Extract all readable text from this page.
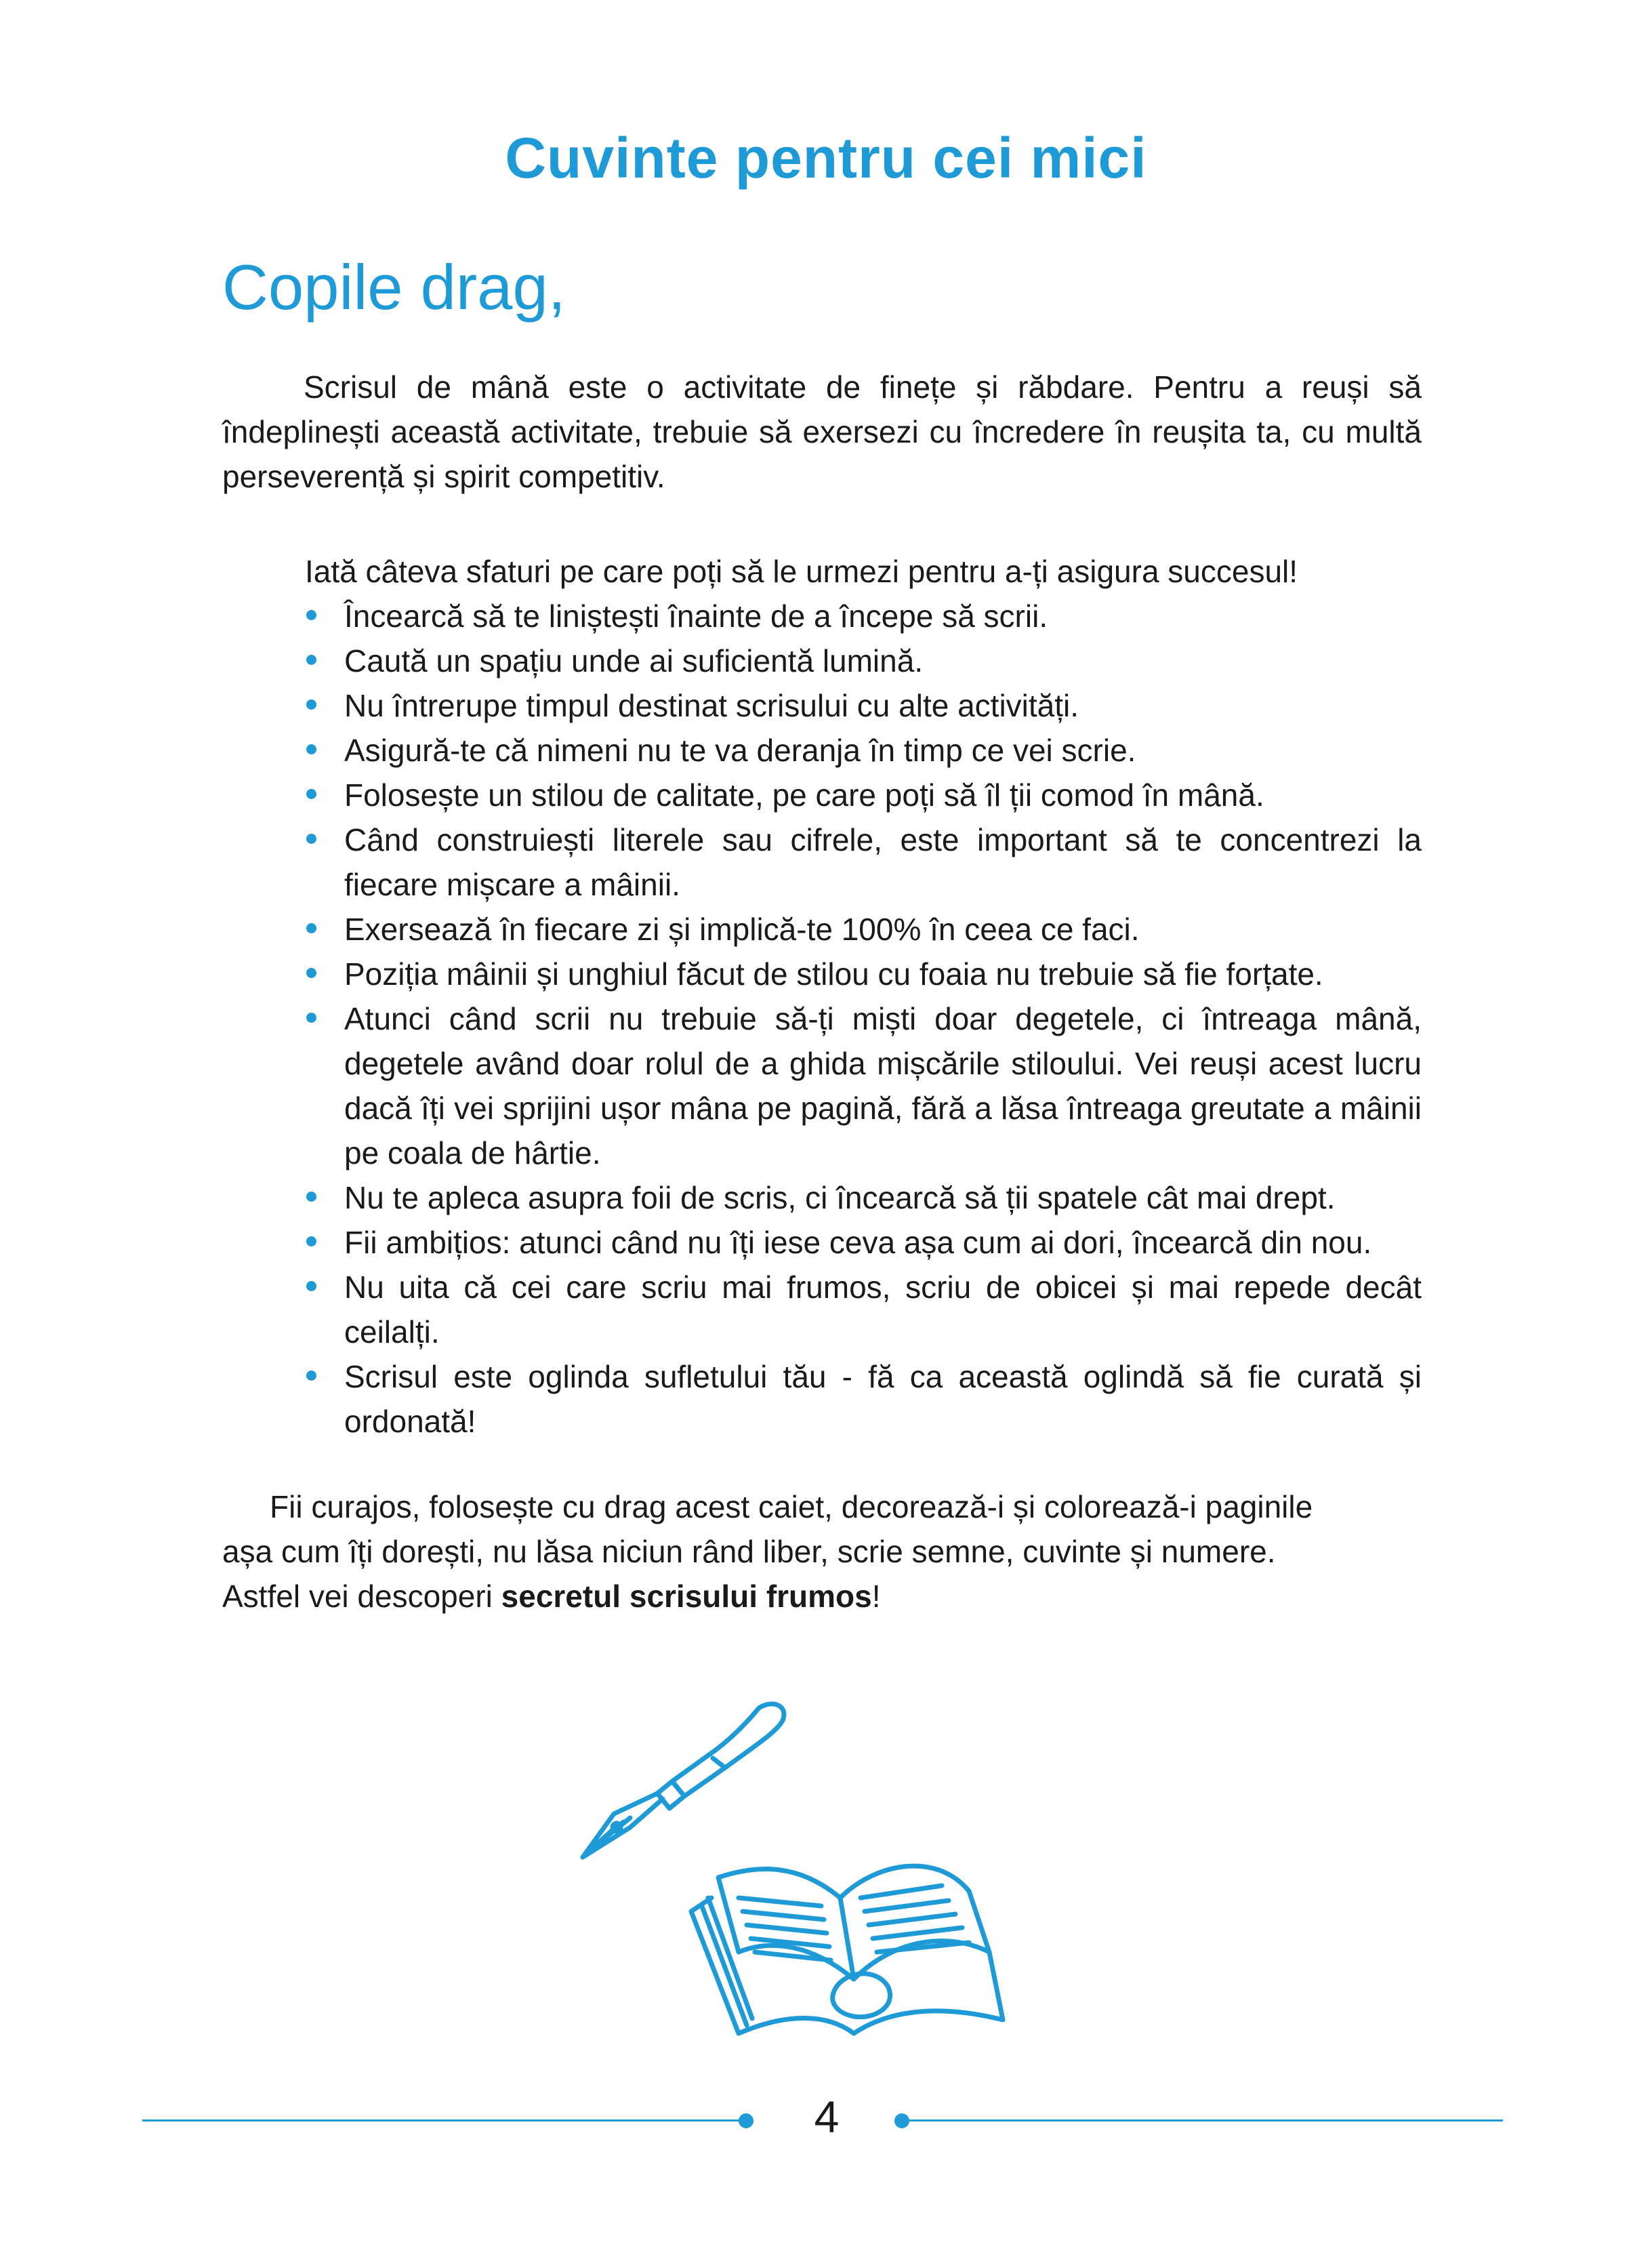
Cuvinte pentru cei mici
Copile drag,

Scrisul de mână este o activitate de finețe și răbdare. Pentru a reuși să îndeplinești această activitate, trebuie să exersezi cu încredere în reușita ta, cu multă perseverență și spirit competitiv.

Iată câteva sfaturi pe care poți să le urmezi pentru a-ți asigura succesul!

Încearcă să te liniștești înainte de a începe să scrii.
Caută un spațiu unde ai suficientă lumină.
Nu întrerupe timpul destinat scrisului cu alte activități.
Asigură-te că nimeni nu te va deranja în timp ce vei scrie.
Folosește un stilou de calitate, pe care poți să îl ții comod în mână.
Când construiești literele sau cifrele, este important să te concentrezi la fiecare mișcare a mâinii.
Exersează în fiecare zi și implică-te 100% în ceea ce faci.
Poziția mâinii și unghiul făcut de stilou cu foaia nu trebuie să fie forțate.
Atunci când scrii nu trebuie să-ți miști doar degetele, ci întreaga mână, degetele având doar rolul de a ghida mișcările stiloului. Vei reuși acest lucru dacă îți vei sprijini ușor mâna pe pagină, fără a lăsa întreaga greutate a mâinii pe coala de hârtie.
Nu te apleca asupra foii de scris, ci încearcă să ții spatele cât mai drept.
Fii ambițios: atunci când nu îți iese ceva așa cum ai dori, încearcă din nou.
Nu uita că cei care scriu mai frumos, scriu de obicei și mai repede decât ceilalți.
Scrisul este oglinda sufletului tău - fă ca această oglindă să fie curată și ordonată!

Fii curajos, folosește cu drag acest caiet, decorează-i și colorează-i paginile
așa cum îți dorești, nu lăsa niciun rând liber, scrie semne, cuvinte și numere.
Astfel vei descoperi secretul scrisului frumos!

4
